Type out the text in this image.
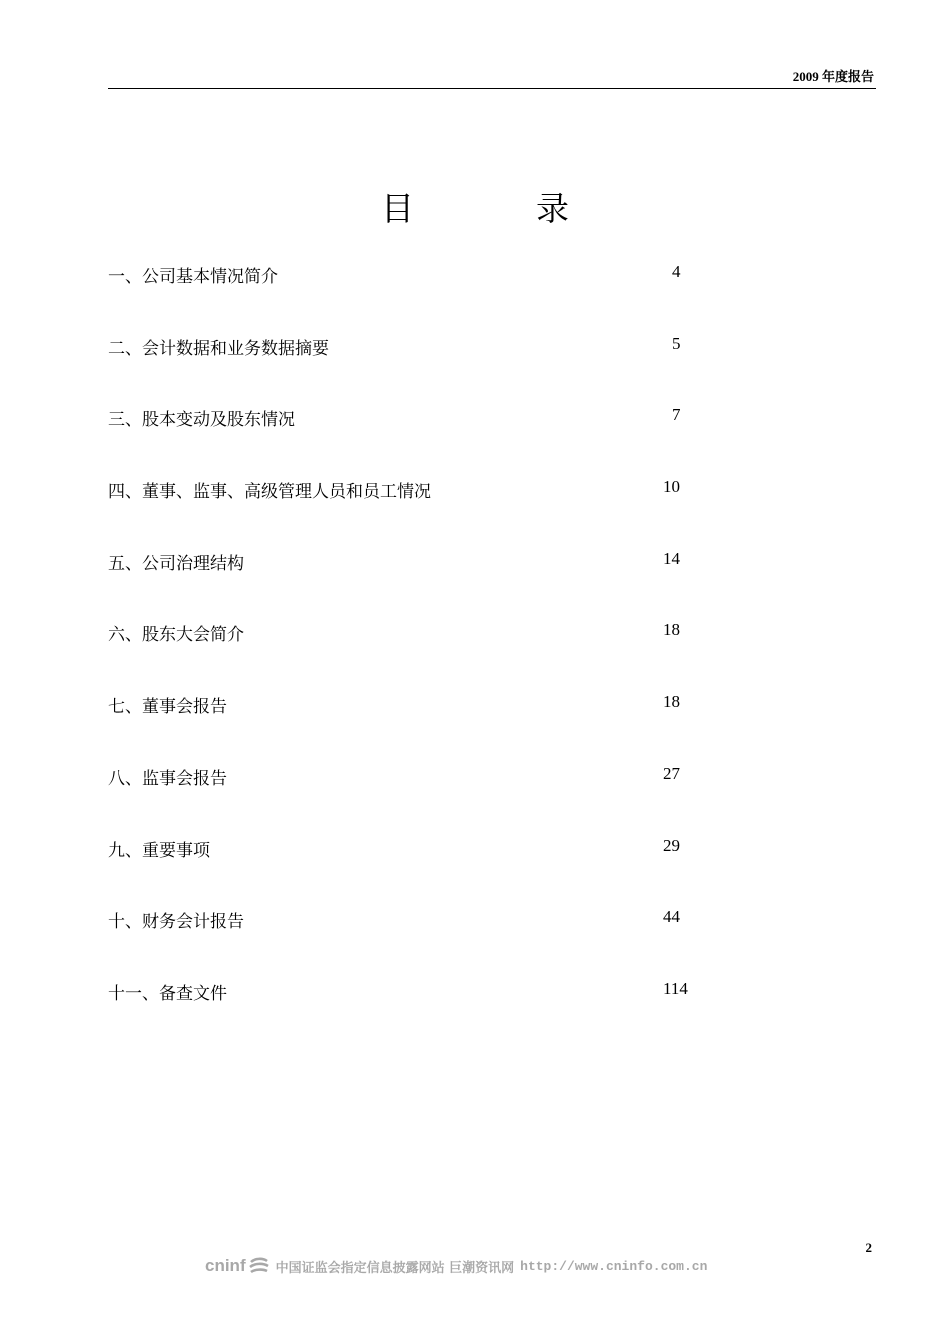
2009 年度报告
目	录
一、公司基本情况简介	4
二、会计数据和业务数据摘要	5
三、股本变动及股东情况	7
四、董事、监事、高级管理人员和员工情况	10
五、公司治理结构	14
六、股东大会简介	18
七、董事会报告	18
八、监事会报告	27
九、重要事项	29
十、财务会计报告	44
十一、备查文件	114
2
cninf 中国证监会指定信息披露网站 巨潮资讯网 http://www.cninfo.com.cn
